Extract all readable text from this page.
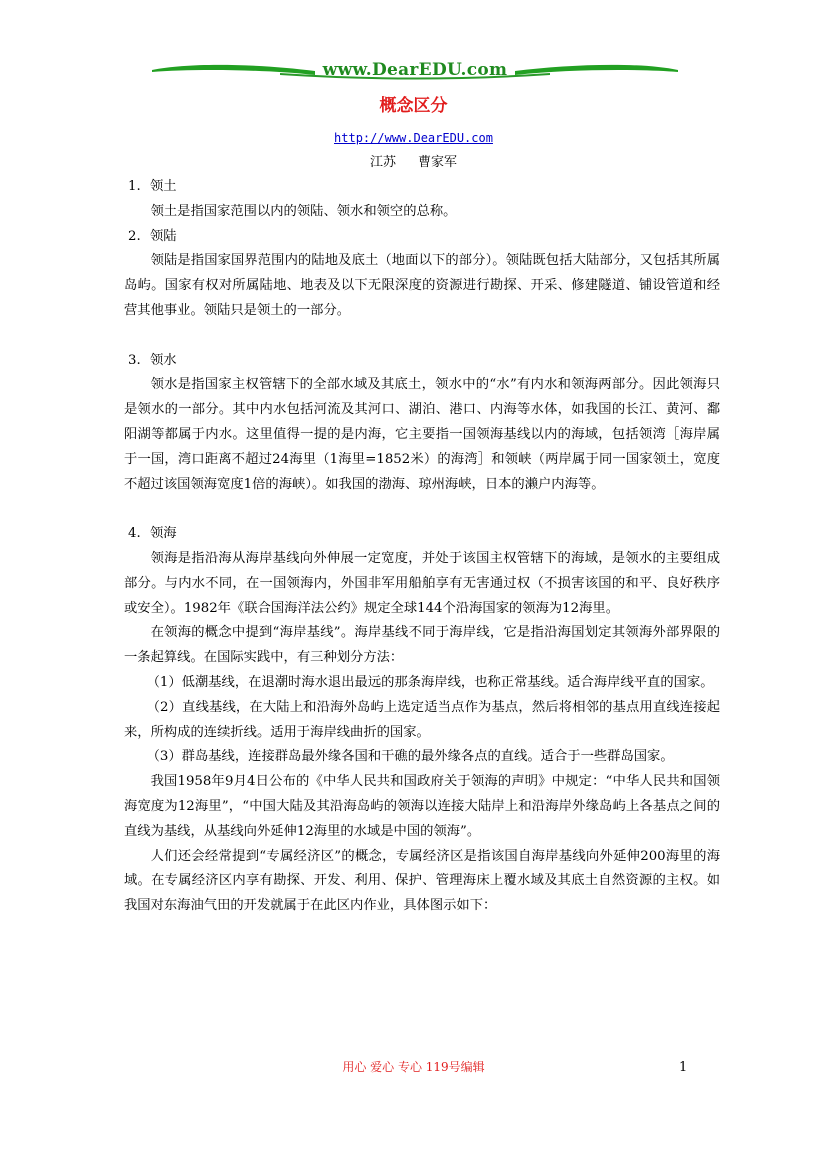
www.DearEDU.com
概念区分
http://www.DearEDU.com
江苏 曹家军

1. 领土

领土是指国家范围以内的领陆、领水和领空的总称。

2. 领陆

领陆是指国家国界范围内的陆地及底土（地面以下的部分）。领陆既包括大陆部分，又包括其所属岛屿。国家有权对所属陆地、地表及以下无限深度的资源进行勘探、开采、修建隧道、铺设管道和经营其他事业。领陆只是领土的一部分。

3. 领水

领水是指国家主权管辖下的全部水域及其底土，领水中的“水”有内水和领海两部分。因此领海只是领水的一部分。其中内水包括河流及其河口、湖泊、港口、内海等水体，如我国的长江、黄河、鄱阳湖等都属于内水。这里值得一提的是内海，它主要指一国领海基线以内的海域，包括领湾［海岸属于一国，湾口距离不超过24海里（1海里=1852米）的海湾］和领峡（两岸属于同一国家领土，宽度不超过该国领海宽度1倍的海峡）。如我国的渤海、琼州海峡，日本的濑户内海等。

4. 领海

领海是指沿海从海岸基线向外伸展一定宽度，并处于该国主权管辖下的海域，是领水的主要组成部分。与内水不同，在一国领海内，外国非军用船舶享有无害通过权（不损害该国的和平、良好秩序或安全）。1982年《联合国海洋法公约》规定全球144个沿海国家的领海为12海里。

在领海的概念中提到“海岸基线”。海岸基线不同于海岸线，它是指沿海国划定其领海外部界限的一条起算线。在国际实践中，有三种划分方法：

（1）低潮基线，在退潮时海水退出最远的那条海岸线，也称正常基线。适合海岸线平直的国家。

（2）直线基线，在大陆上和沿海外岛屿上选定适当点作为基点，然后将相邻的基点用直线连接起来，所构成的连续折线。适用于海岸线曲折的国家。

（3）群岛基线，连接群岛最外缘各国和干礁的最外缘各点的直线。适合于一些群岛国家。

我国1958年9月4日公布的《中华人民共和国政府关于领海的声明》中规定：“中华人民共和国领海宽度为12海里”，“中国大陆及其沿海岛屿的领海以连接大陆岸上和沿海岸外缘岛屿上各基点之间的直线为基线，从基线向外延伸12海里的水域是中国的领海”。

人们还会经常提到“专属经济区”的概念，专属经济区是指该国自海岸基线向外延伸200海里的海域。在专属经济区内享有勘探、开发、利用、保护、管理海床上覆水域及其底土自然资源的主权。如我国对东海油气田的开发就属于在此区内作业，具体图示如下：

用心 爱心 专心 119号编辑	1
